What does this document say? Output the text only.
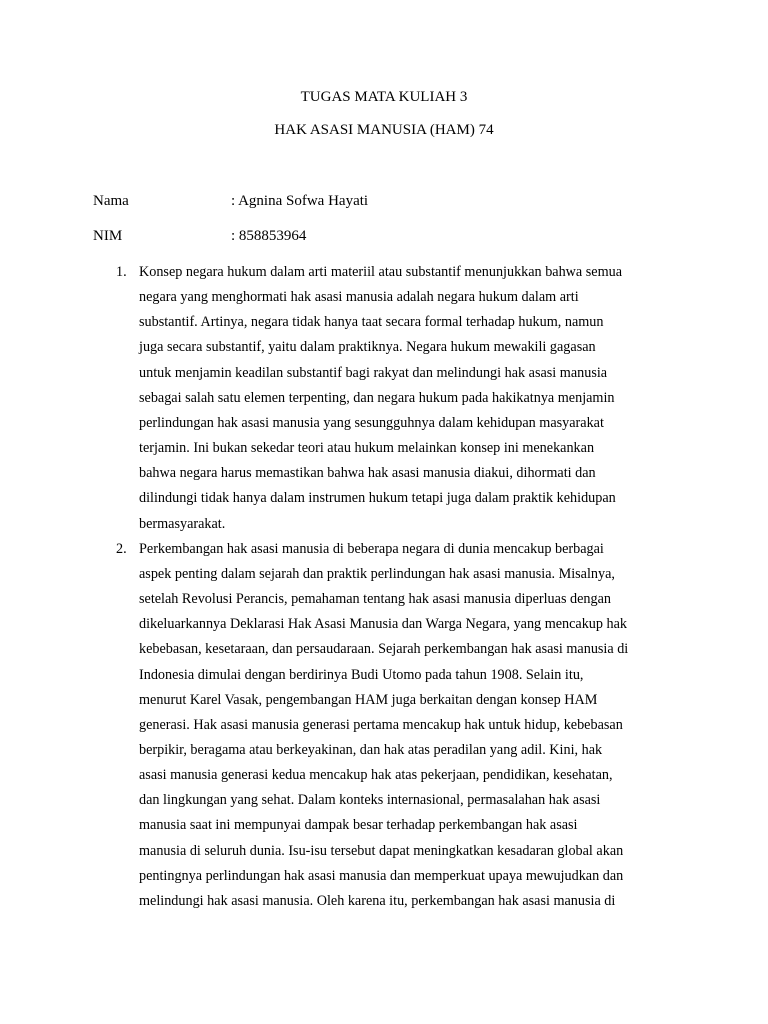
TUGAS MATA KULIAH 3
HAK ASASI MANUSIA (HAM) 74
Nama	: Agnina Sofwa Hayati
NIM	: 858853964
1. Konsep negara hukum dalam arti materiil atau substantif menunjukkan bahwa semua
negara yang menghormati hak asasi manusia adalah negara hukum dalam arti
substantif. Artinya, negara tidak hanya taat secara formal terhadap hukum, namun
juga secara substantif, yaitu dalam praktiknya. Negara hukum mewakili gagasan
untuk menjamin keadilan substantif bagi rakyat dan melindungi hak asasi manusia
sebagai salah satu elemen terpenting, dan negara hukum pada hakikatnya menjamin
perlindungan hak asasi manusia yang sesungguhnya dalam kehidupan masyarakat
terjamin. Ini bukan sekedar teori atau hukum melainkan konsep ini menekankan
bahwa negara harus memastikan bahwa hak asasi manusia diakui, dihormati dan
dilindungi tidak hanya dalam instrumen hukum tetapi juga dalam praktik kehidupan
bermasyarakat.
2. Perkembangan hak asasi manusia di beberapa negara di dunia mencakup berbagai
aspek penting dalam sejarah dan praktik perlindungan hak asasi manusia. Misalnya,
setelah Revolusi Perancis, pemahaman tentang hak asasi manusia diperluas dengan
dikeluarkannya Deklarasi Hak Asasi Manusia dan Warga Negara, yang mencakup hak
kebebasan, kesetaraan, dan persaudaraan. Sejarah perkembangan hak asasi manusia di
Indonesia dimulai dengan berdirinya Budi Utomo pada tahun 1908. Selain itu,
menurut Karel Vasak, pengembangan HAM juga berkaitan dengan konsep HAM
generasi. Hak asasi manusia generasi pertama mencakup hak untuk hidup, kebebasan
berpikir, beragama atau berkeyakinan, dan hak atas peradilan yang adil. Kini, hak
asasi manusia generasi kedua mencakup hak atas pekerjaan, pendidikan, kesehatan,
dan lingkungan yang sehat. Dalam konteks internasional, permasalahan hak asasi
manusia saat ini mempunyai dampak besar terhadap perkembangan hak asasi
manusia di seluruh dunia. Isu-isu tersebut dapat meningkatkan kesadaran global akan
pentingnya perlindungan hak asasi manusia dan memperkuat upaya mewujudkan dan
melindungi hak asasi manusia. Oleh karena itu, perkembangan hak asasi manusia di
